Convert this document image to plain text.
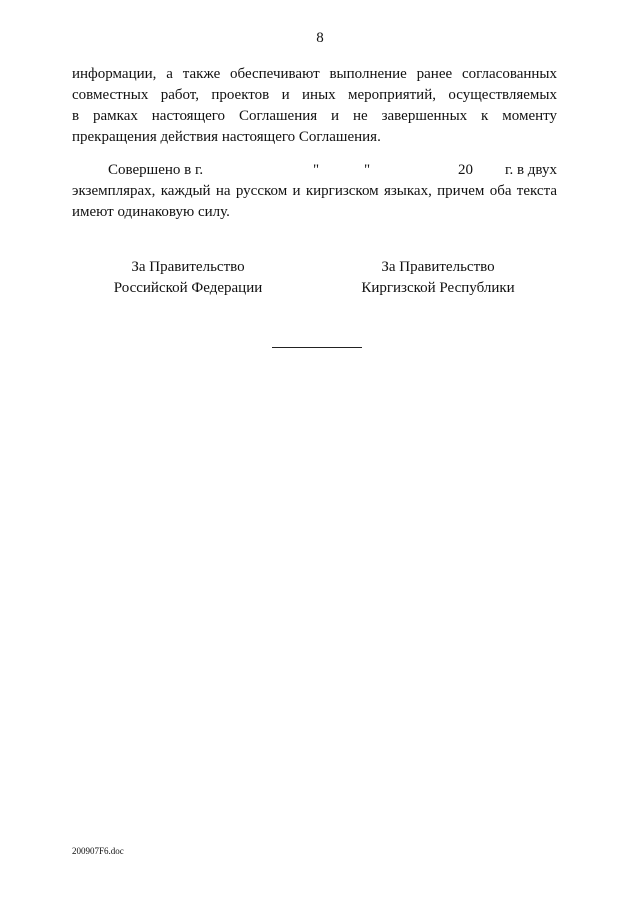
8
информации, а также обеспечивают выполнение ранее согласованных
совместных работ, проектов и иных мероприятий, осуществляемых
в рамках настоящего Соглашения и не завершенных к моменту
прекращения действия настоящего Соглашения.
Совершено в г.	"	"	20 г. в двух
экземплярах, каждый на русском и киргизском языках, причем оба текста
имеют одинаковую силу.
За Правительство
Российской Федерации
За Правительство
Киргизской Республики
200907F6.doc
